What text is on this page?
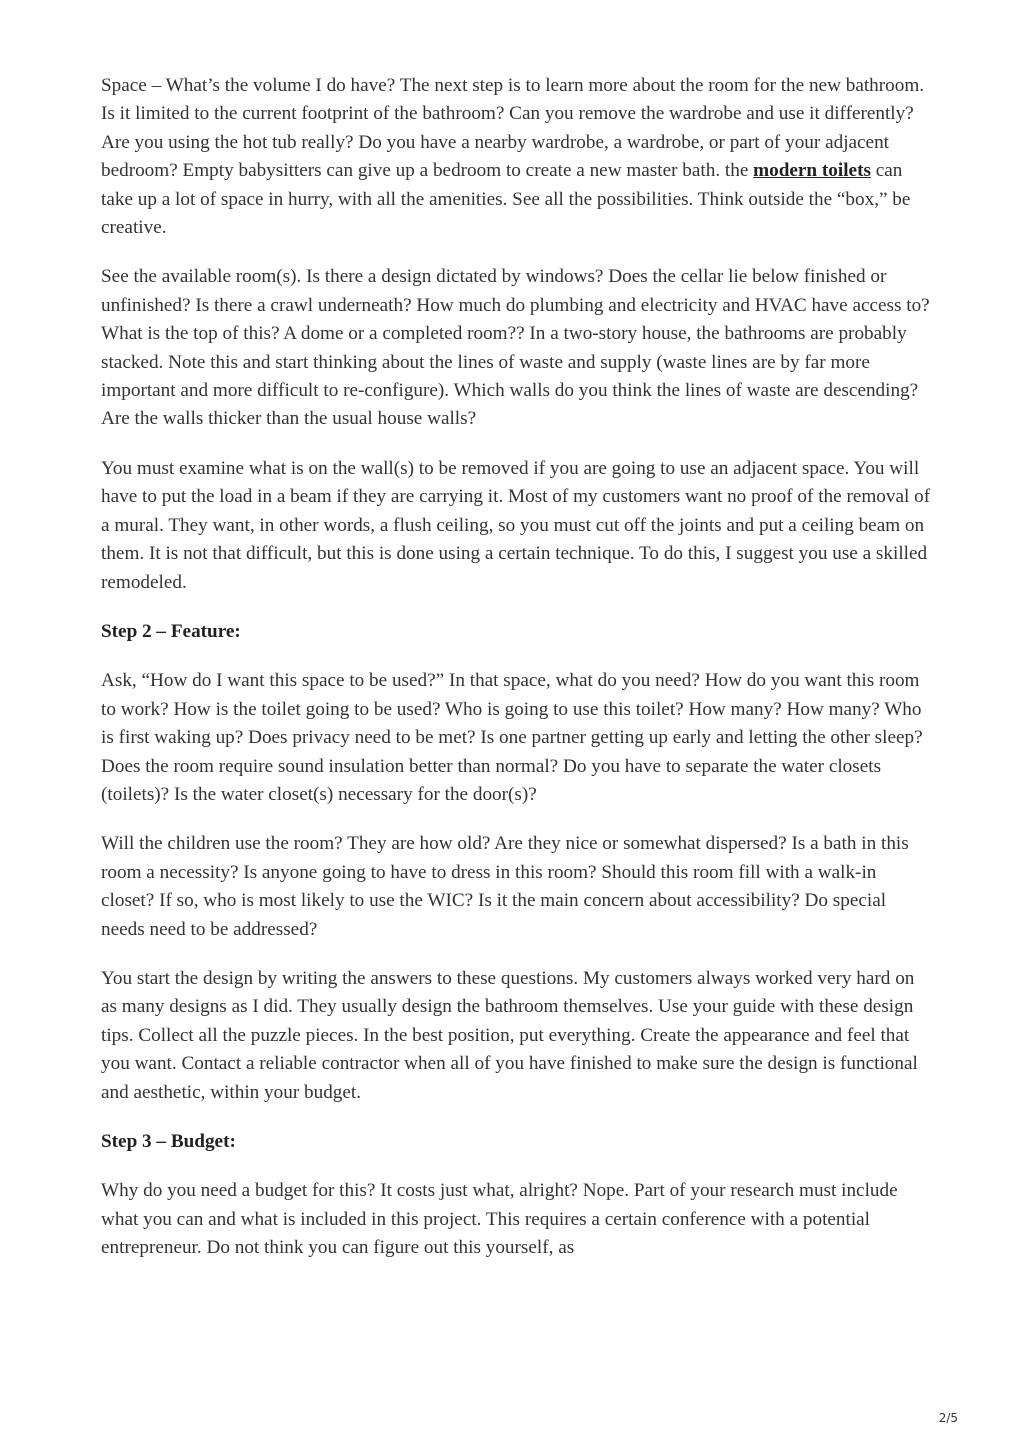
Space – What’s the volume I do have? The next step is to learn more about the room for the new bathroom. Is it limited to the current footprint of the bathroom? Can you remove the wardrobe and use it differently? Are you using the hot tub really? Do you have a nearby wardrobe, a wardrobe, or part of your adjacent bedroom? Empty babysitters can give up a bedroom to create a new master bath. the modern toilets can take up a lot of space in hurry, with all the amenities. See all the possibilities. Think outside the “box,” be creative.

See the available room(s). Is there a design dictated by windows? Does the cellar lie below finished or unfinished? Is there a crawl underneath? How much do plumbing and electricity and HVAC have access to? What is the top of this? A dome or a completed room?? In a two-story house, the bathrooms are probably stacked. Note this and start thinking about the lines of waste and supply (waste lines are by far more important and more difficult to re-configure). Which walls do you think the lines of waste are descending? Are the walls thicker than the usual house walls?

You must examine what is on the wall(s) to be removed if you are going to use an adjacent space. You will have to put the load in a beam if they are carrying it. Most of my customers want no proof of the removal of a mural. They want, in other words, a flush ceiling, so you must cut off the joints and put a ceiling beam on them. It is not that difficult, but this is done using a certain technique. To do this, I suggest you use a skilled remodeled.

Step 2 – Feature:

Ask, “How do I want this space to be used?” In that space, what do you need? How do you want this room to work? How is the toilet going to be used? Who is going to use this toilet? How many? How many? Who is first waking up? Does privacy need to be met? Is one partner getting up early and letting the other sleep? Does the room require sound insulation better than normal? Do you have to separate the water closets (toilets)? Is the water closet(s) necessary for the door(s)?

Will the children use the room? They are how old? Are they nice or somewhat dispersed? Is a bath in this room a necessity? Is anyone going to have to dress in this room? Should this room fill with a walk-in closet? If so, who is most likely to use the WIC? Is it the main concern about accessibility? Do special needs need to be addressed?

You start the design by writing the answers to these questions. My customers always worked very hard on as many designs as I did. They usually design the bathroom themselves. Use your guide with these design tips. Collect all the puzzle pieces. In the best position, put everything. Create the appearance and feel that you want. Contact a reliable contractor when all of you have finished to make sure the design is functional and aesthetic, within your budget.

Step 3 – Budget:

Why do you need a budget for this? It costs just what, alright? Nope. Part of your research must include what you can and what is included in this project. This requires a certain conference with a potential entrepreneur. Do not think you can figure out this yourself, as

2/5
